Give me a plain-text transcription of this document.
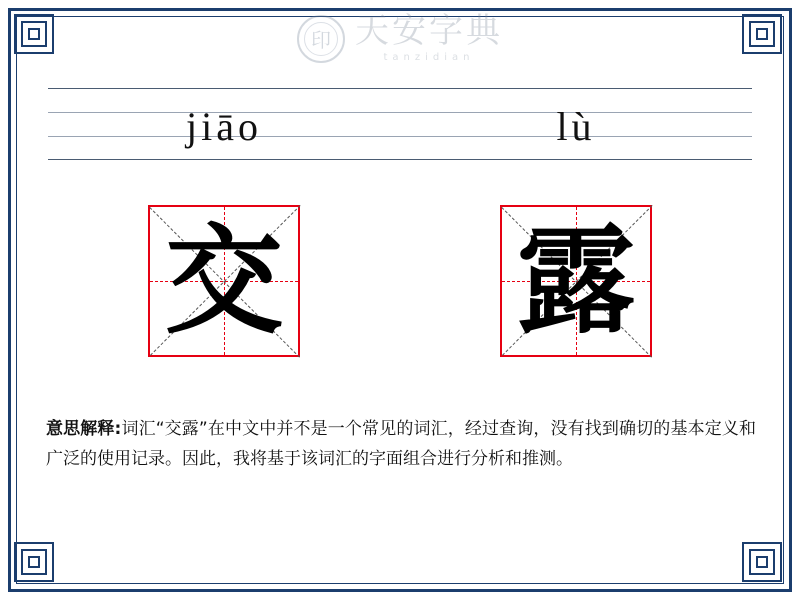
印 天安字典
tanzidian
jiāo	lù
交 露
意思解释:词汇“交露”在中文中并不是一个常见的词汇，经过查询，没有找到确切的基本定义和广泛的使用记录。因此，我将基于该词汇的字面组合进行分析和推测。
